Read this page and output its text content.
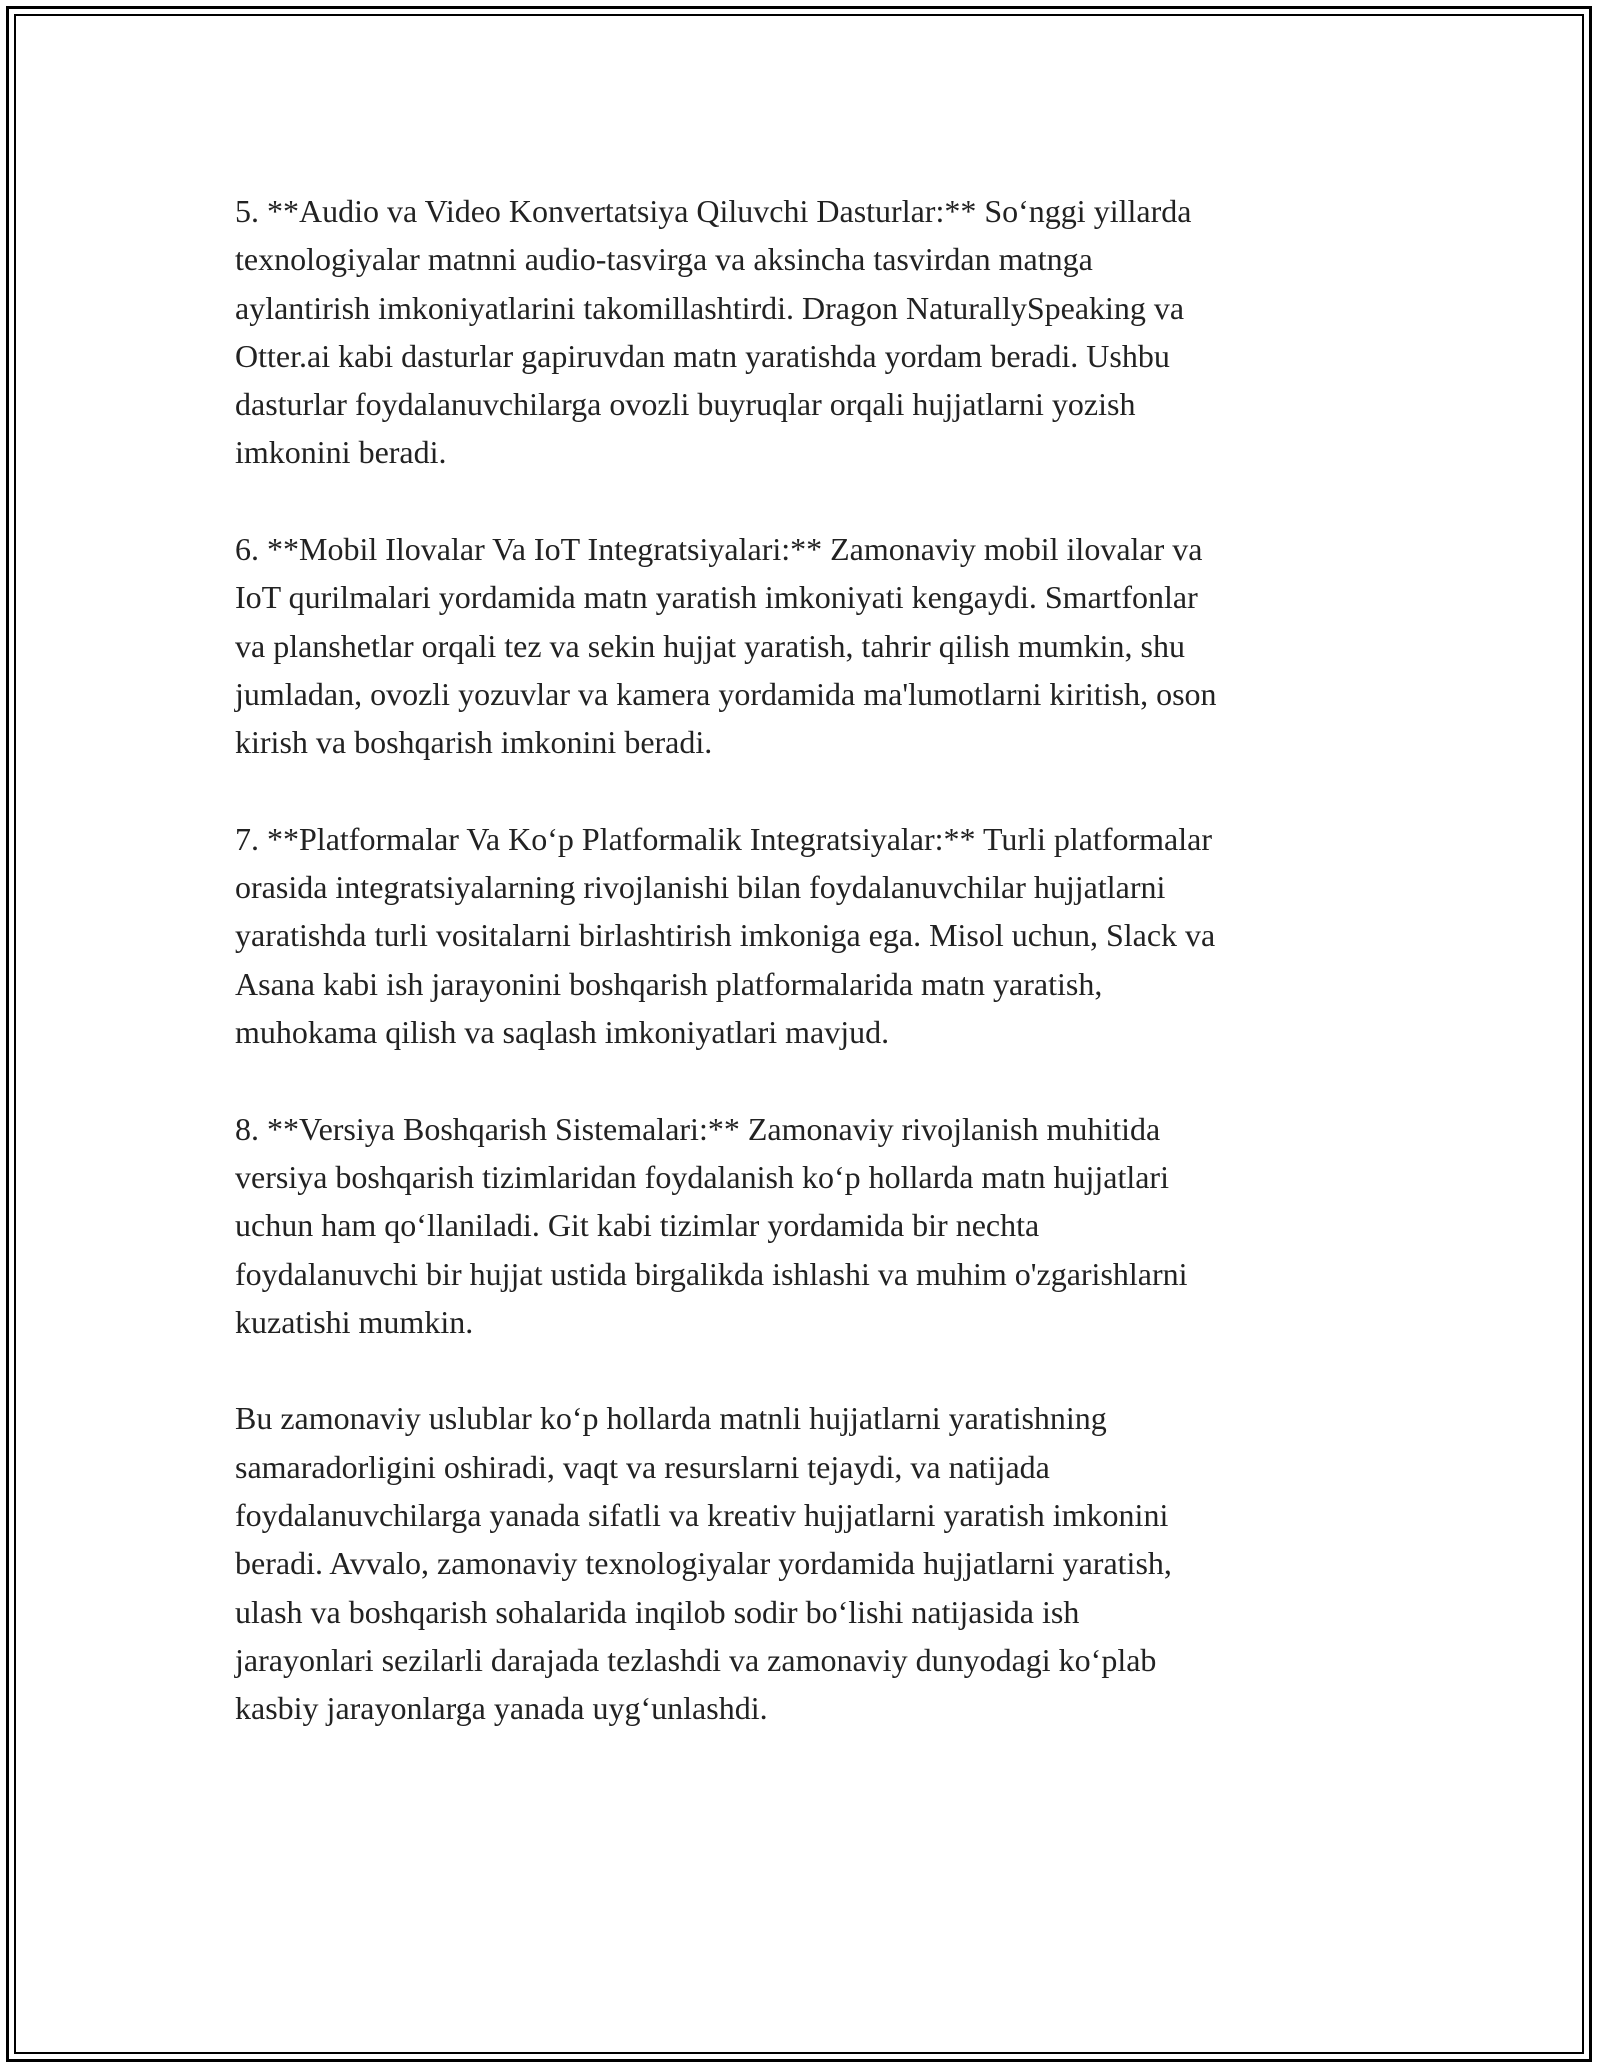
5. **Audio va Video Konvertatsiya Qiluvchi Dasturlar:** So‘nggi yillarda
texnologiyalar matnni audio-tasvirga va aksincha tasvirdan matnga
aylantirish imkoniyatlarini takomillashtirdi. Dragon NaturallySpeaking va
Otter.ai kabi dasturlar gapiruvdan matn yaratishda yordam beradi. Ushbu
dasturlar foydalanuvchilarga ovozli buyruqlar orqali hujjatlarni yozish
imkonini beradi.

6. **Mobil Ilovalar Va IoT Integratsiyalari:** Zamonaviy mobil ilovalar va
IoT qurilmalari yordamida matn yaratish imkoniyati kengaydi. Smartfonlar
va planshetlar orqali tez va sekin hujjat yaratish, tahrir qilish mumkin, shu
jumladan, ovozli yozuvlar va kamera yordamida ma'lumotlarni kiritish, oson
kirish va boshqarish imkonini beradi.

7. **Platformalar Va Ko‘p Platformalik Integratsiyalar:** Turli platformalar
orasida integratsiyalarning rivojlanishi bilan foydalanuvchilar hujjatlarni
yaratishda turli vositalarni birlashtirish imkoniga ega. Misol uchun, Slack va
Asana kabi ish jarayonini boshqarish platformalarida matn yaratish,
muhokama qilish va saqlash imkoniyatlari mavjud.

8. **Versiya Boshqarish Sistemalari:** Zamonaviy rivojlanish muhitida
versiya boshqarish tizimlaridan foydalanish ko‘p hollarda matn hujjatlari
uchun ham qo‘llaniladi. Git kabi tizimlar yordamida bir nechta
foydalanuvchi bir hujjat ustida birgalikda ishlashi va muhim o'zgarishlarni
kuzatishi mumkin.

Bu zamonaviy uslublar ko‘p hollarda matnli hujjatlarni yaratishning
samaradorligini oshiradi, vaqt va resurslarni tejaydi, va natijada
foydalanuvchilarga yanada sifatli va kreativ hujjatlarni yaratish imkonini
beradi. Avvalo, zamonaviy texnologiyalar yordamida hujjatlarni yaratish,
ulash va boshqarish sohalarida inqilob sodir bo‘lishi natijasida ish
jarayonlari sezilarli darajada tezlashdi va zamonaviy dunyodagi ko‘plab
kasbiy jarayonlarga yanada uyg‘unlashdi.
